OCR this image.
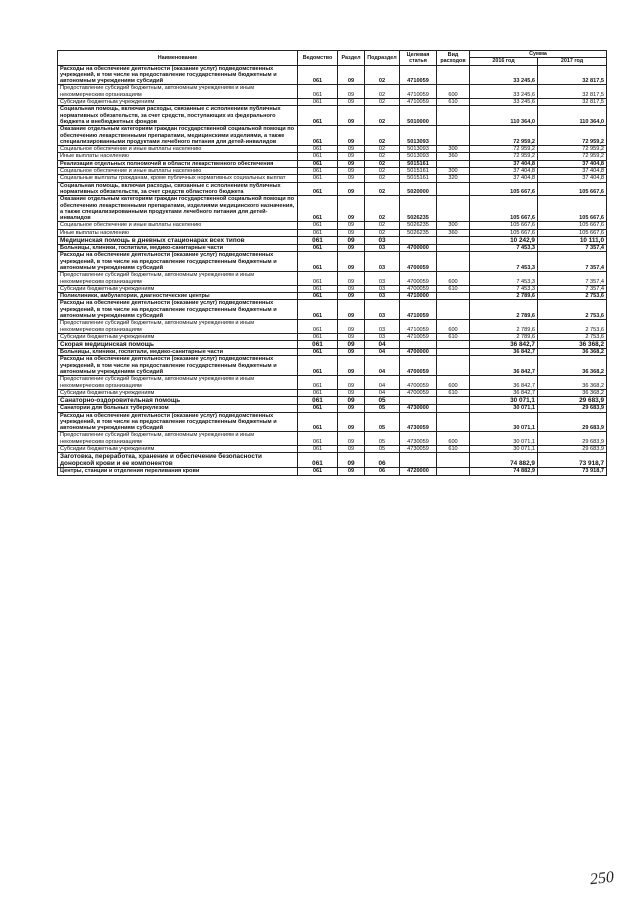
Наименование	Ведомство	Раздел	Подраздел	Целевая статья	Вид расходов	Сумма	
						2016 год	2017 год
Расходы на обеспечение деятельности (оказание услуг) подведомственных учреждений, в том числе на предоставление государственным бюджетным и автономным учреждениям субсидий	061	09	02	4710059		33 245,6	32 817,5
Предоставление субсидий бюджетным, автономным учреждениям и иным некоммерческим организациям	061	09	02	4710059	600	33 245,6	32 817,5
Субсидии бюджетным учреждениям	061	09	02	4710059	610	33 245,6	32 817,5
Социальная помощь, включая расходы, связанные с исполнением публичных нормативных обязательств, за счет средств, поступающих из федерального бюджета и внебюджетных фондов	061	09	02	5010000		110 364,0	110 364,0
Оказание отдельным категориям граждан государственной социальной помощи по обеспечению лекарственными препаратами, медицинскими изделиями, а также специализированными продуктами лечебного питания для детей-инвалидов	061	09	02	5013093		72 959,2	72 959,2
Социальное обеспечение и иные выплаты населению	061	09	02	5013093	300	72 959,2	72 959,2
Иные выплаты населению	061	09	02	5013093	360	72 959,2	72 959,2
Реализация отдельных полномочий в области лекарственного обеспечения	061	09	02	5015161		37 404,8	37 404,8
Социальное обеспечение и иные выплаты населению	061	09	02	5015161	300	37 404,8	37 404,8
Социальные выплаты гражданам, кроме публичных нормативных социальных выплат	061	09	02	5015161	320	37 404,8	37 404,8
Социальная помощь, включая расходы, связанные с исполнением публичных нормативных обязательств, за счет средств областного бюджета	061	09	02	5020000		105 667,6	105 667,6
Оказание отдельным категориям граждан государственной социальной помощи по обеспечению лекарственными препаратами, изделиями медицинского назначения, а также специализированными продуктами лечебного питания для детей-инвалидов	061	09	02	5026235		105 667,6	105 667,6
Социальное обеспечение и иные выплаты населению	061	09	02	5026235	300	105 667,6	105 667,6
Иные выплаты населению	061	09	02	5026235	360	105 667,6	105 667,6
Медицинская помощь в дневных стационарах всех типов	061	09	03			10 242,9	10 111,0
Больницы, клиники, госпитали, медико-санитарные части	061	09	03	4700000		7 453,3	7 357,4
Расходы на обеспечение деятельности (оказание услуг) подведомственных учреждений, в том числе на предоставление государственным бюджетным и автономным учреждениям субсидий	061	09	03	4700059		7 453,3	7 357,4
Предоставление субсидий бюджетным, автономным учреждениям и иным некоммерческим организациям	061	09	03	4700059	600	7 453,3	7 357,4
Субсидии бюджетным учреждениям	061	09	03	4700059	610	7 453,3	7 357,4
Поликлиники, амбулатории, диагностические центры	061	09	03	4710000		2 789,6	2 753,6
Расходы на обеспечение деятельности (оказание услуг) подведомственных учреждений, в том числе на предоставление государственным бюджетным и автономным учреждениям субсидий	061	09	03	4710059		2 789,6	2 753,6
Предоставление субсидий бюджетным, автономным учреждениям и иным некоммерческим организациям	061	09	03	4710059	600	2 789,6	2 753,6
Субсидии бюджетным учреждениям	061	09	03	4710059	610	2 789,6	2 753,6
Скорая медицинская помощь	061	09	04			36 842,7	36 368,2
Больницы, клиники, госпитали, медико-санитарные части	061	09	04	4700000		36 842,7	36 368,2
Расходы на обеспечение деятельности (оказание услуг) подведомственных учреждений, в том числе на предоставление государственным бюджетным и автономным учреждениям субсидий	061	09	04	4700059		36 842,7	36 368,2
Предоставление субсидий бюджетным, автономным учреждениям и иным некоммерческим организациям	061	09	04	4700059	600	36 842,7	36 368,2
Субсидии бюджетным учреждениям	061	09	04	4700059	610	36 842,7	36 368,2
Санаторно-оздоровительная помощь	061	09	05			30 071,1	29 683,9
Санатории для больных туберкулезом	061	09	05	4730000		30 071,1	29 683,9
Расходы на обеспечение деятельности (оказание услуг) подведомственных учреждений, в том числе на предоставление государственным бюджетным и автономным учреждениям субсидий	061	09	05	4730059		30 071,1	29 683,9
Предоставление субсидий бюджетным, автономным учреждениям и иным некоммерческим организациям	061	09	05	4730059	600	30 071,1	29 683,9
Субсидии бюджетным учреждениям	061	09	05	4730059	610	30 071,1	29 683,9
Заготовка, переработка, хранение и обеспечение безопасности донорской крови и ее компонентов	061	09	06			74 882,9	73 918,7
Центры, станции и отделения переливания крови	061	09	06	4720000		74 882,9	73 918,7
250
